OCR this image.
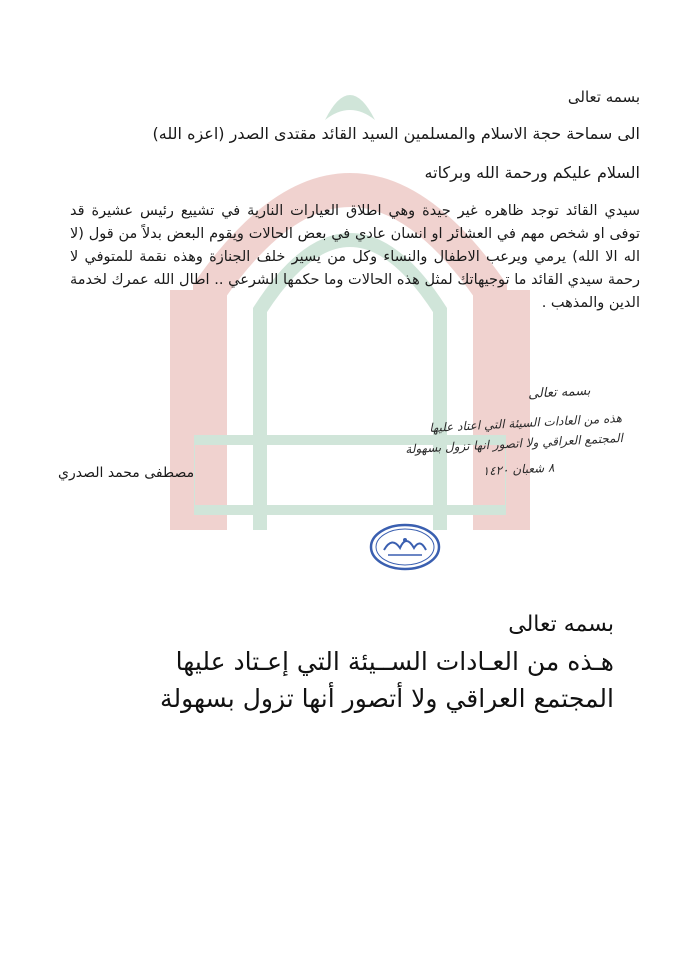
بسمه تعالى

الى سماحة حجة الاسلام والمسلمين السيد القائد مقتدى الصدر (اعزه الله)

السلام عليكم ورحمة الله وبركاته

سيدي القائد توجد ظاهره غير جيدة وهي اطلاق العيارات النارية في تشييع رئيس عشيرة قد توفى او شخص مهم في العشائر او انسان عادي في بعض الحالات ويقوم البعض بدلاً من قول (لا اله الا الله) يرمي ويرعب الاطفال والنساء وكل من يسير خلف الجنازة وهذه نقمة للمتوفي لا رحمة سيدي القائد ما توجيهاتك لمثل هذه الحالات وما حكمها الشرعي .. اطال الله عمرك لخدمة الدين والمذهب .

بسمه تعالى

هذه من العادات السيئة التي اعتاد عليها

المجتمع العراقي ولا اتصور انها تزول بسهولة

٨ شعبان ١٤٢٠

مصطفى محمد الصدري

بسمه تعالى

هـذه من العـادات الســيئة التي إعـتاد عليها

المجتمع العراقي ولا أتصور أنها تزول بسهولة
